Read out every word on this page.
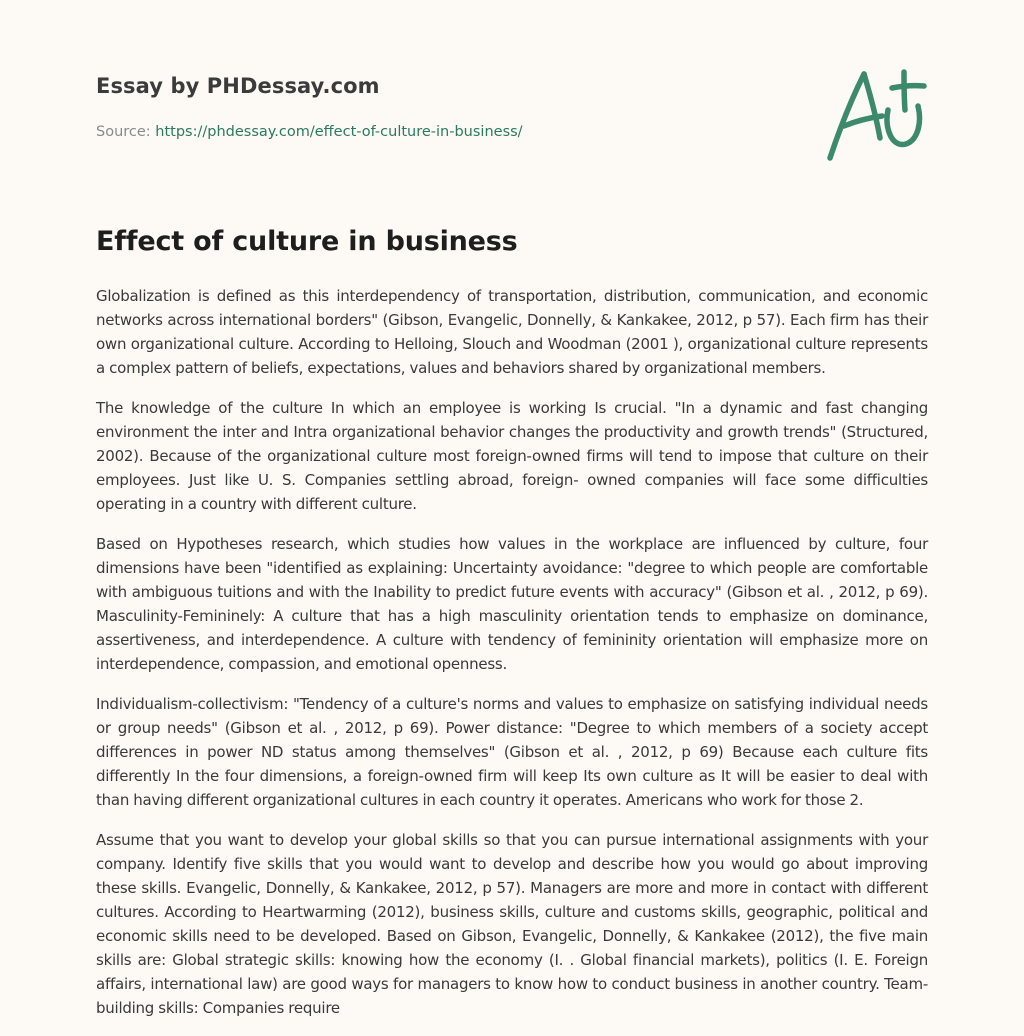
Essay by PHDessay.com
Source: https://phdessay.com/effect-of-culture-in-business/
Effect of culture in business

Globalization is defined as this interdependency of transportation, distribution, communication, and economic networks across international borders" (Gibson, Evangelic, Donnelly, & Kankakee, 2012, p 57). Each firm has their own organizational culture. According to Helloing, Slouch and Woodman (2001 ), organizational culture represents a complex pattern of beliefs, expectations, values and behaviors shared by organizational members.

The knowledge of the culture In which an employee is working Is crucial. "In a dynamic and fast changing environment the inter and Intra organizational behavior changes the productivity and growth trends" (Structured, 2002). Because of the organizational culture most foreign-owned firms will tend to impose that culture on their employees. Just like U. S. Companies settling abroad, foreign- owned companies will face some difficulties operating in a country with different culture.

Based on Hypotheses research, which studies how values in the workplace are influenced by culture, four dimensions have been "identified as explaining: Uncertainty avoidance: "degree to which people are comfortable with ambiguous tuitions and with the Inability to predict future events with accuracy" (Gibson et al. , 2012, p 69). Masculinity-Femininely: A culture that has a high masculinity orientation tends to emphasize on dominance, assertiveness, and interdependence. A culture with tendency of femininity orientation will emphasize more on interdependence, compassion, and emotional openness.

Individualism-collectivism: "Tendency of a culture's norms and values to emphasize on satisfying individual needs or group needs" (Gibson et al. , 2012, p 69). Power distance: "Degree to which members of a society accept differences in power ND status among themselves" (Gibson et al. , 2012, p 69) Because each culture fits differently In the four dimensions, a foreign-owned firm will keep Its own culture as It will be easier to deal with than having different organizational cultures in each country it operates. Americans who work for those 2.

Assume that you want to develop your global skills so that you can pursue international assignments with your company. Identify five skills that you would want to develop and describe how you would go about improving these skills. Evangelic, Donnelly, & Kankakee, 2012, p 57). Managers are more and more in contact with different cultures. According to Heartwarming (2012), business skills, culture and customs skills, geographic, political and economic skills need to be developed. Based on Gibson, Evangelic, Donnelly, & Kankakee (2012), the five main skills are: Global strategic skills: knowing how the economy (I. . Global financial markets), politics (I. E. Foreign affairs, international law) are good ways for managers to know how to conduct business in another country. Team-building skills: Companies require
